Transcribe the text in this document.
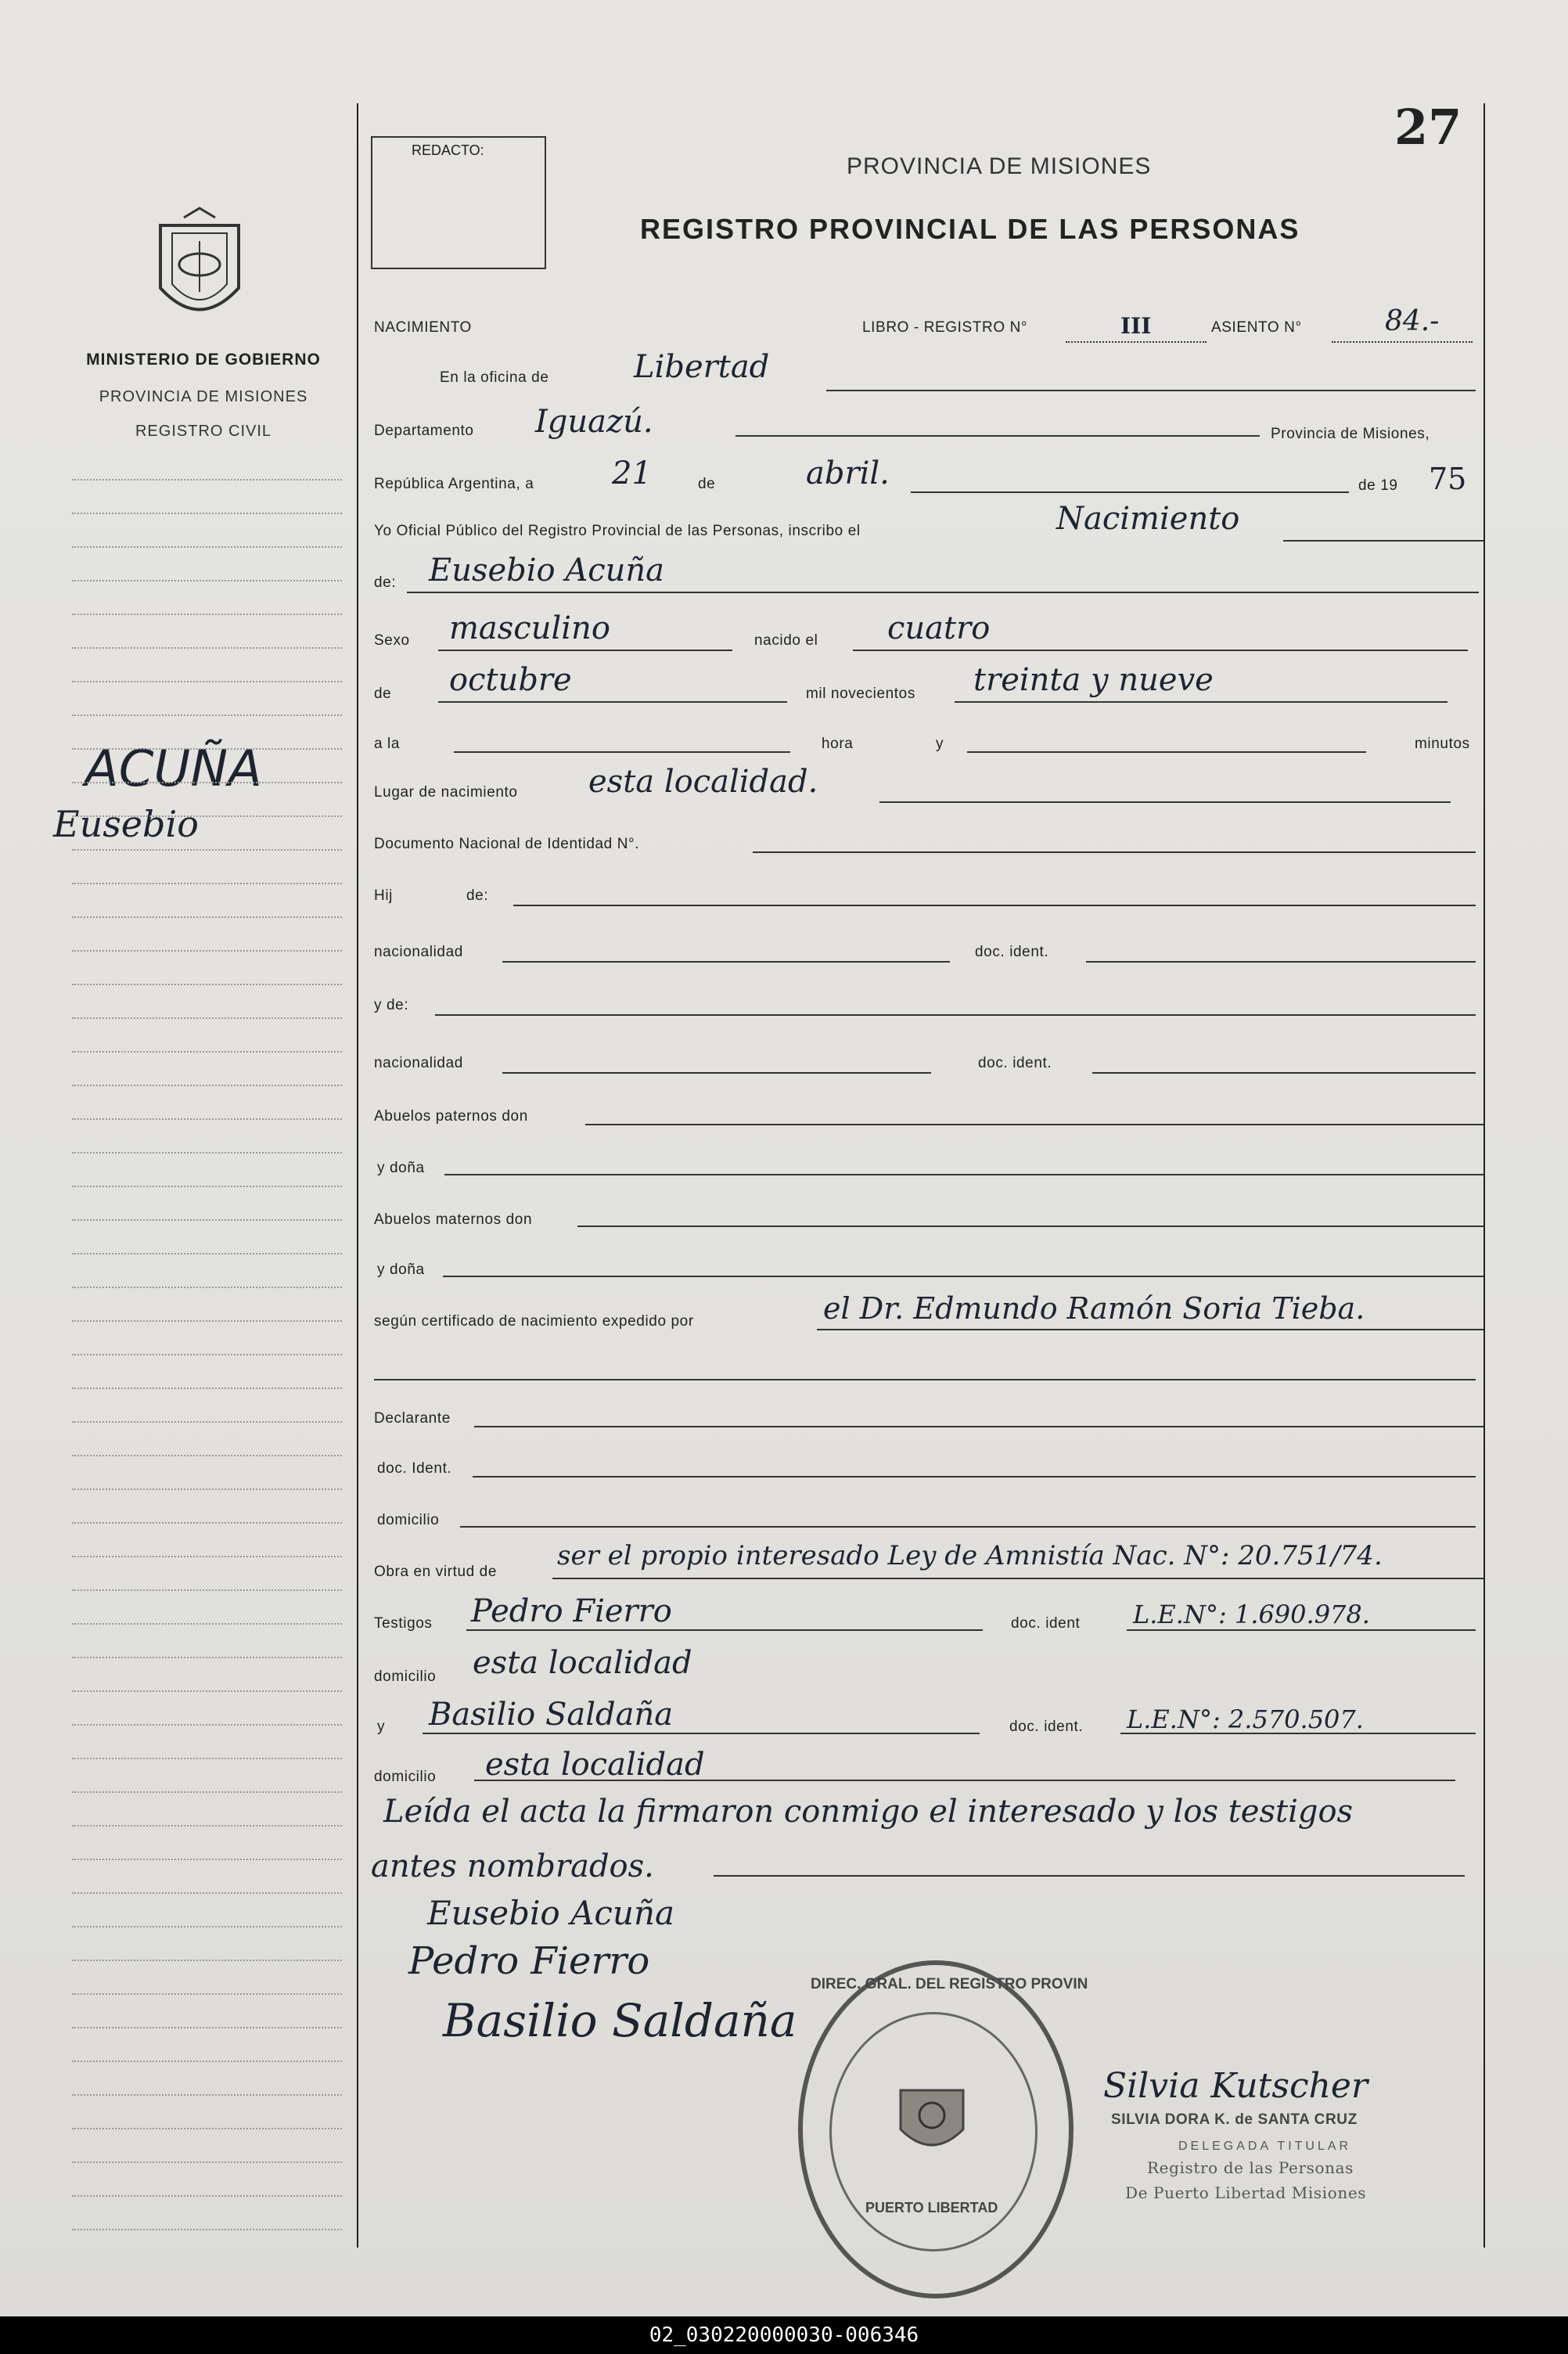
MINISTERIO DE GOBIERNO
PROVINCIA DE MISIONES
REGISTRO CIVIL
ACUÑA
Eusebio
REDACTO:	27
PROVINCIA DE MISIONES
REGISTRO PROVINCIAL DE LAS PERSONAS
NACIMIENTO	LIBRO - REGISTRO N°	III	ASIENTO N°	84.-
En la oficina de	Libertad
Departamento Iguazú.	Provincia de Misiones,
República Argentina, a 21	de	abril.	de 19 75
Yo Oficial Público del Registro Provincial de las Personas, inscribo el	Nacimiento
de: Eusebio Acuña
Sexo masculino	nacido el cuatro
de octubre	mil novecientos treinta y nueve
a la	hora	y	minutos
Lugar de nacimiento esta localidad.
Documento Nacional de Identidad N°.
Hij	de:
nacionalidad	doc. ident.
y de:
nacionalidad	doc. ident.
Abuelos paternos don
y doña
Abuelos maternos don
y doña
según certificado de nacimiento expedido por	el Dr. Edmundo Ramón Soria Tieba.
Declarante
doc. Ident.
domicilio
Obra en virtud de
ser el propio interesado Ley de Amnistía Nac. N°: 20.751/74.
Testigos Pedro Fierro	doc. ident L.E.N°: 1.690.978.
domicilio esta localidad
y Basilio Saldaña	doc. ident. L.E.N°: 2.570.507.
domicilio esta localidad
Leída el acta la firmaron conmigo el interesado y los testigos
antes nombrados.
Eusebio Acuña
Pedro Fierro
Basilio Saldaña
DIREC. GRAL. DEL REGISTRO PROVIN
PUERTO LIBERTAD
Silvia Kutscher
SILVIA DORA K. de SANTA CRUZ
DELEGADA TITULAR
Registro de las Personas
De Puerto Libertad Misiones
02_030220000030-006346
